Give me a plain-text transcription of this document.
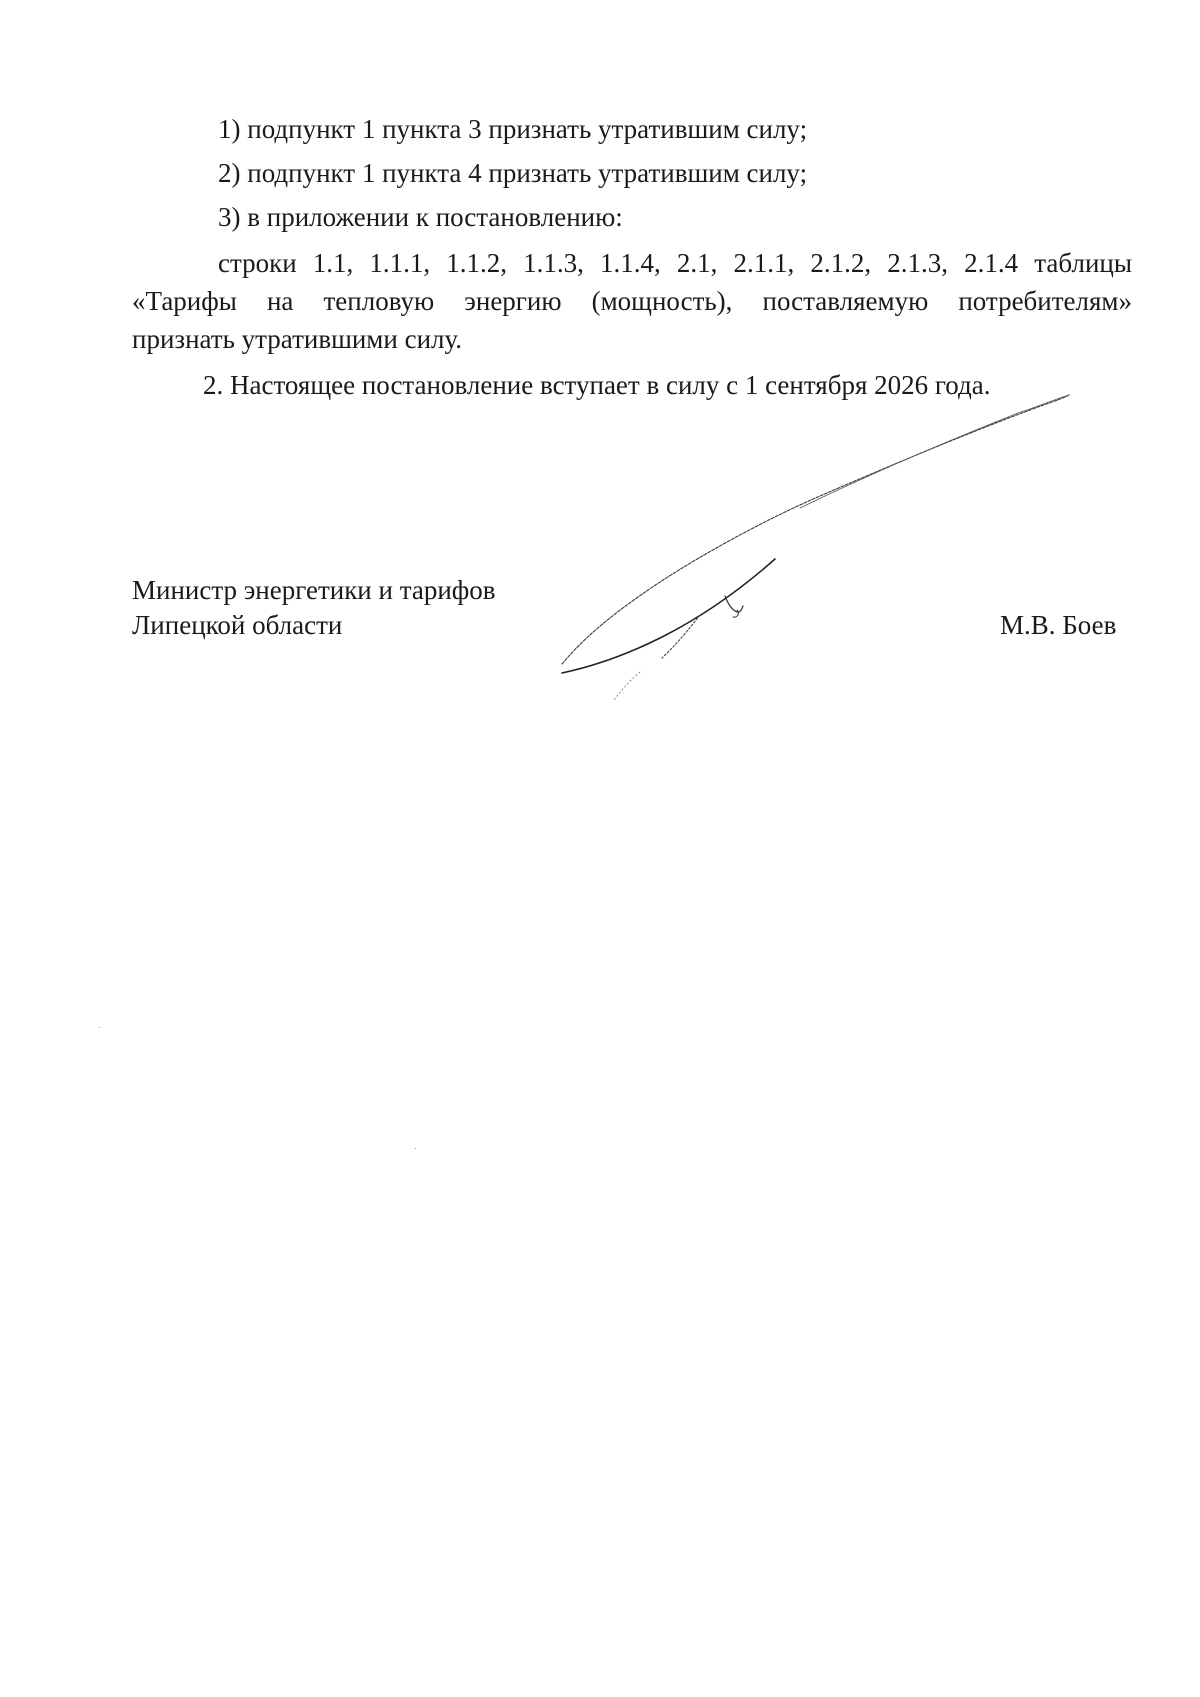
1) подпункт 1 пункта 3 признать утратившим силу;
2) подпункт 1 пункта 4 признать утратившим силу;
3) в приложении к постановлению:
строки 1.1, 1.1.1, 1.1.2, 1.1.3, 1.1.4, 2.1, 2.1.1, 2.1.2, 2.1.3, 2.1.4 таблицы
«Тарифы на тепловую энергию (мощность), поставляемую потребителям»
признать утратившими силу.
2. Настоящее постановление вступает в силу с 1 сентября 2026 года.
Министр энергетики и тарифов
Липецкой области	М.В. Боев
